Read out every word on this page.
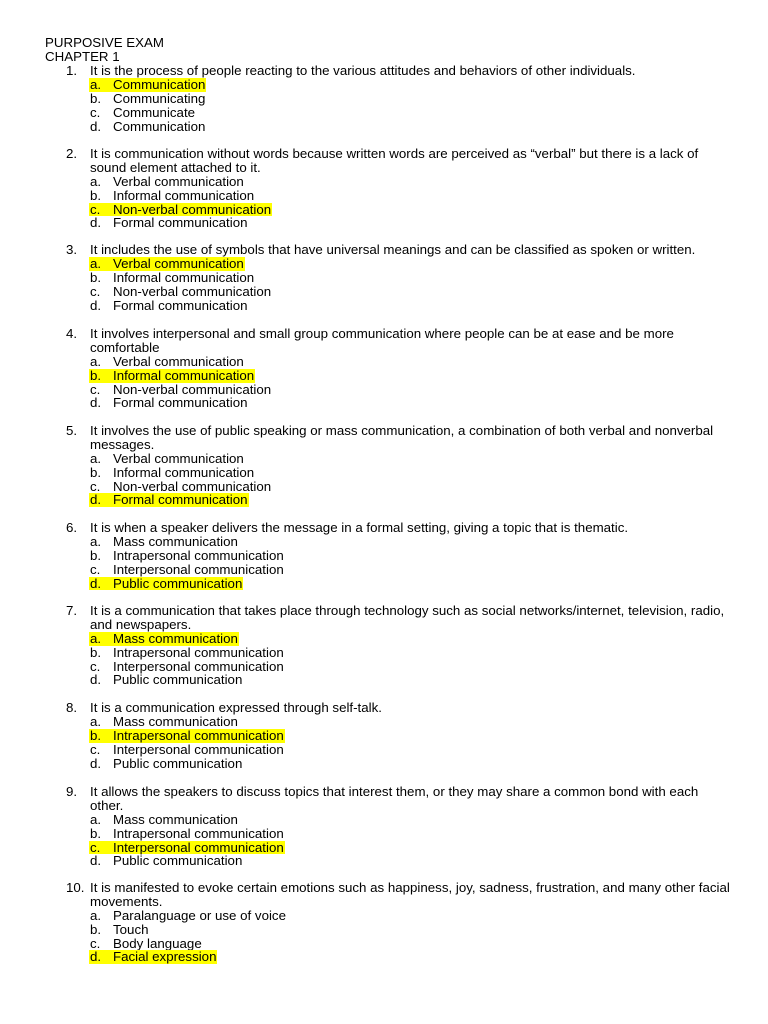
PURPOSIVE EXAM
CHAPTER 1
1. It is the process of people reacting to the various attitudes and behaviors of other individuals.
a. Communication
b. Communicating
c. Communicate
d. Communication
2. It is communication without words because written words are perceived as “verbal” but there is a lack of sound element attached to it.
a. Verbal communication
b. Informal communication
c. Non-verbal communication
d. Formal communication
3. It includes the use of symbols that have universal meanings and can be classified as spoken or written.
a. Verbal communication
b. Informal communication
c. Non-verbal communication
d. Formal communication
4. It involves interpersonal and small group communication where people can be at ease and be more comfortable
a. Verbal communication
b. Informal communication
c. Non-verbal communication
d. Formal communication
5. It involves the use of public speaking or mass communication, a combination of both verbal and nonverbal messages.
a. Verbal communication
b. Informal communication
c. Non-verbal communication
d. Formal communication
6. It is when a speaker delivers the message in a formal setting, giving a topic that is thematic.
a. Mass communication
b. Intrapersonal communication
c. Interpersonal communication
d. Public communication
7. It is a communication that takes place through technology such as social networks/internet, television, radio, and newspapers.
a. Mass communication
b. Intrapersonal communication
c. Interpersonal communication
d. Public communication
8. It is a communication expressed through self-talk.
a. Mass communication
b. Intrapersonal communication
c. Interpersonal communication
d. Public communication
9. It allows the speakers to discuss topics that interest them, or they may share a common bond with each other.
a. Mass communication
b. Intrapersonal communication
c. Interpersonal communication
d. Public communication
10. It is manifested to evoke certain emotions such as happiness, joy, sadness, frustration, and many other facial movements.
a. Paralanguage or use of voice
b. Touch
c. Body language
d. Facial expression
